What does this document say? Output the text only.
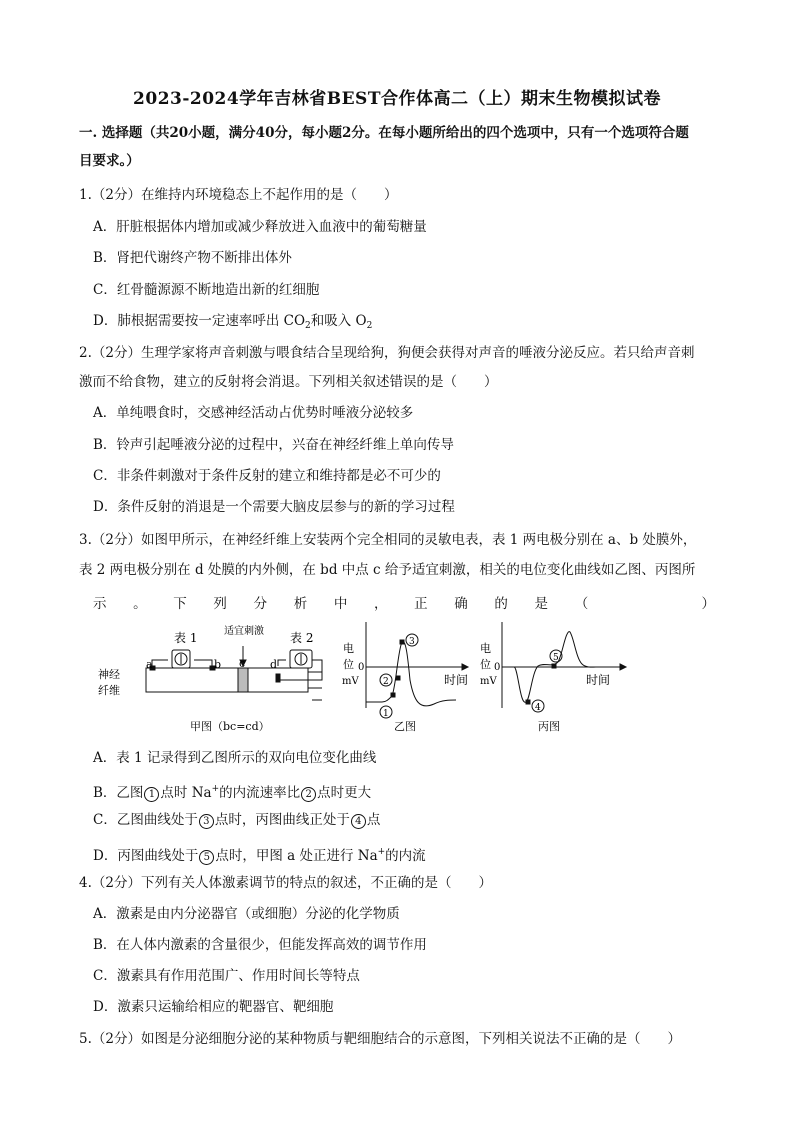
2023-2024学年吉林省BEST合作体高二（上）期末生物模拟试卷
一. 选择题（共20小题，满分40分，每小题2分。在每小题所给出的四个选项中，只有一个选项符合题
目要求。）
1.（2分）在维持内环境稳态上不起作用的是（　　）
A．肝脏根据体内增加或减少释放进入血液中的葡萄糖量
B．肾把代谢终产物不断排出体外
C．红骨髓源源不断地造出新的红细胞
D．肺根据需要按一定速率呼出 $CO_2$和吸入 $O_2$
2.（2分）生理学家将声音刺激与喂食结合呈现给狗，狗便会获得对声音的唾液分泌反应。若只给声音刺
激而不给食物，建立的反射将会消退。下列相关叙述错误的是（　　）
A．单纯喂食时，交感神经活动占优势时唾液分泌较多
B．铃声引起唾液分泌的过程中，兴奋在神经纤维上单向传导
C．非条件刺激对于条件反射的建立和维持都是必不可少的
D．条件反射的消退是一个需要大脑皮层参与的新的学习过程
3.（2分）如图甲所示，在神经纤维上安装两个完全相同的灵敏电表，表 1 两电极分别在 a、b 处膜外，
表 2 两电极分别在 d 处膜的内外侧，在 bd 中点 c 给予适宜刺激，相关的电位变化曲线如乙图、丙图所
示 。 下 列 分 析 中 ， 正 确 的 是 （	）
表 1	表 2
适宜刺激
神经
纤维
a	b c d
甲图（bc=cd）
电
位 0
mV	时间
乙图
1
2
3	电
位 0
mV	时间
丙图
4
5
A．表 1 记录得到乙图所示的双向电位变化曲线
B．乙图 1 点时 Na+的内流速率比 2 点时更大
C．乙图曲线处于 3 点时，丙图曲线正处于 4 点
D．丙图曲线处于 5 点时，甲图 a 处正进行 Na+的内流
4.（2分）下列有关人体激素调节的特点的叙述，不正确的是（　　）
A．激素是由内分泌器官（或细胞）分泌的化学物质
B．在人体内激素的含量很少，但能发挥高效的调节作用
C．激素具有作用范围广、作用时间长等特点
D．激素只运输给相应的靶器官、靶细胞
5.（2分）如图是分泌细胞分泌的某种物质与靶细胞结合的示意图，下列相关说法不正确的是（　　）
